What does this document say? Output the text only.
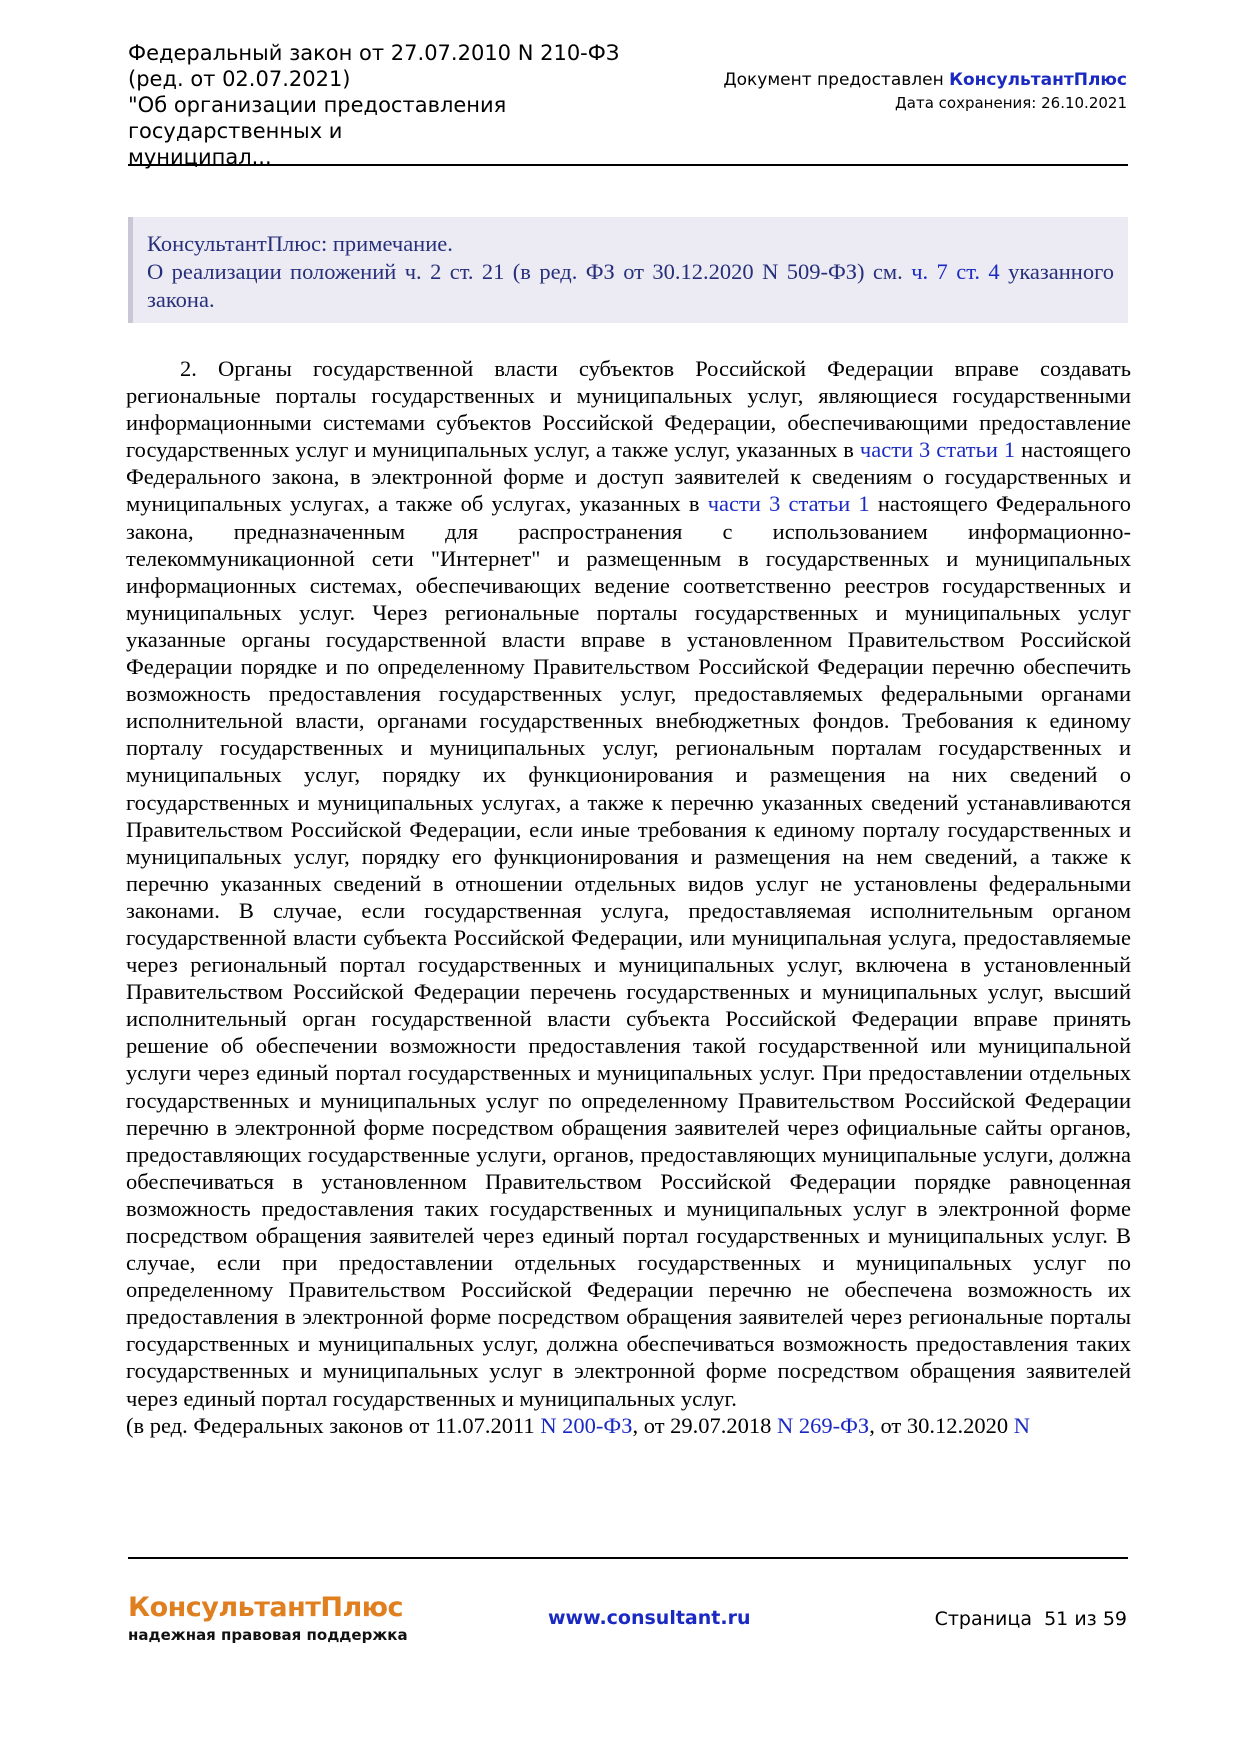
Федеральный закон от 27.07.2010 N 210-ФЗ
(ред. от 02.07.2021)
"Об организации предоставления государственных и
муниципал...
Документ предоставлен КонсультантПлюс
Дата сохранения: 26.10.2021
КонсультантПлюс: примечание.
О реализации положений ч. 2 ст. 21 (в ред. ФЗ от 30.12.2020 N 509-ФЗ) см. ч. 7 ст. 4 указанного закона.

2. Органы государственной власти субъектов Российской Федерации вправе создавать региональные порталы государственных и муниципальных услуг, являющиеся государственными информационными системами субъектов Российской Федерации, обеспечивающими предоставление государственных услуг и муниципальных услуг, а также услуг, указанных в части 3 статьи 1 настоящего Федерального закона, в электронной форме и доступ заявителей к сведениям о государственных и муниципальных услугах, а также об услугах, указанных в части 3 статьи 1 настоящего Федерального закона, предназначенным для распространения с использованием информационно-телекоммуникационной сети "Интернет" и размещенным в государственных и муниципальных информационных системах, обеспечивающих ведение соответственно реестров государственных и муниципальных услуг. Через региональные порталы государственных и муниципальных услуг указанные органы государственной власти вправе в установленном Правительством Российской Федерации порядке и по определенному Правительством Российской Федерации перечню обеспечить возможность предоставления государственных услуг, предоставляемых федеральными органами исполнительной власти, органами государственных внебюджетных фондов. Требования к единому порталу государственных и муниципальных услуг, региональным порталам государственных и муниципальных услуг, порядку их функционирования и размещения на них сведений о государственных и муниципальных услугах, а также к перечню указанных сведений устанавливаются Правительством Российской Федерации, если иные требования к единому порталу государственных и муниципальных услуг, порядку его функционирования и размещения на нем сведений, а также к перечню указанных сведений в отношении отдельных видов услуг не установлены федеральными законами. В случае, если государственная услуга, предоставляемая исполнительным органом государственной власти субъекта Российской Федерации, или муниципальная услуга, предоставляемые через региональный портал государственных и муниципальных услуг, включена в установленный Правительством Российской Федерации перечень государственных и муниципальных услуг, высший исполнительный орган государственной власти субъекта Российской Федерации вправе принять решение об обеспечении возможности предоставления такой государственной или муниципальной услуги через единый портал государственных и муниципальных услуг. При предоставлении отдельных государственных и муниципальных услуг по определенному Правительством Российской Федерации перечню в электронной форме посредством обращения заявителей через официальные сайты органов, предоставляющих государственные услуги, органов, предоставляющих муниципальные услуги, должна обеспечиваться в установленном Правительством Российской Федерации порядке равноценная возможность предоставления таких государственных и муниципальных услуг в электронной форме посредством обращения заявителей через единый портал государственных и муниципальных услуг. В случае, если при предоставлении отдельных государственных и муниципальных услуг по определенному Правительством Российской Федерации перечню не обеспечена возможность их предоставления в электронной форме посредством обращения заявителей через региональные порталы государственных и муниципальных услуг, должна обеспечиваться возможность предоставления таких государственных и муниципальных услуг в электронной форме посредством обращения заявителей через единый портал государственных и муниципальных услуг.

(в ред. Федеральных законов от 11.07.2011 N 200-ФЗ, от 29.07.2018 N 269-ФЗ, от 30.12.2020 N

КонсультантПлюс
надежная правовая поддержка
www.consultant.ru	Страница 51 из 59
